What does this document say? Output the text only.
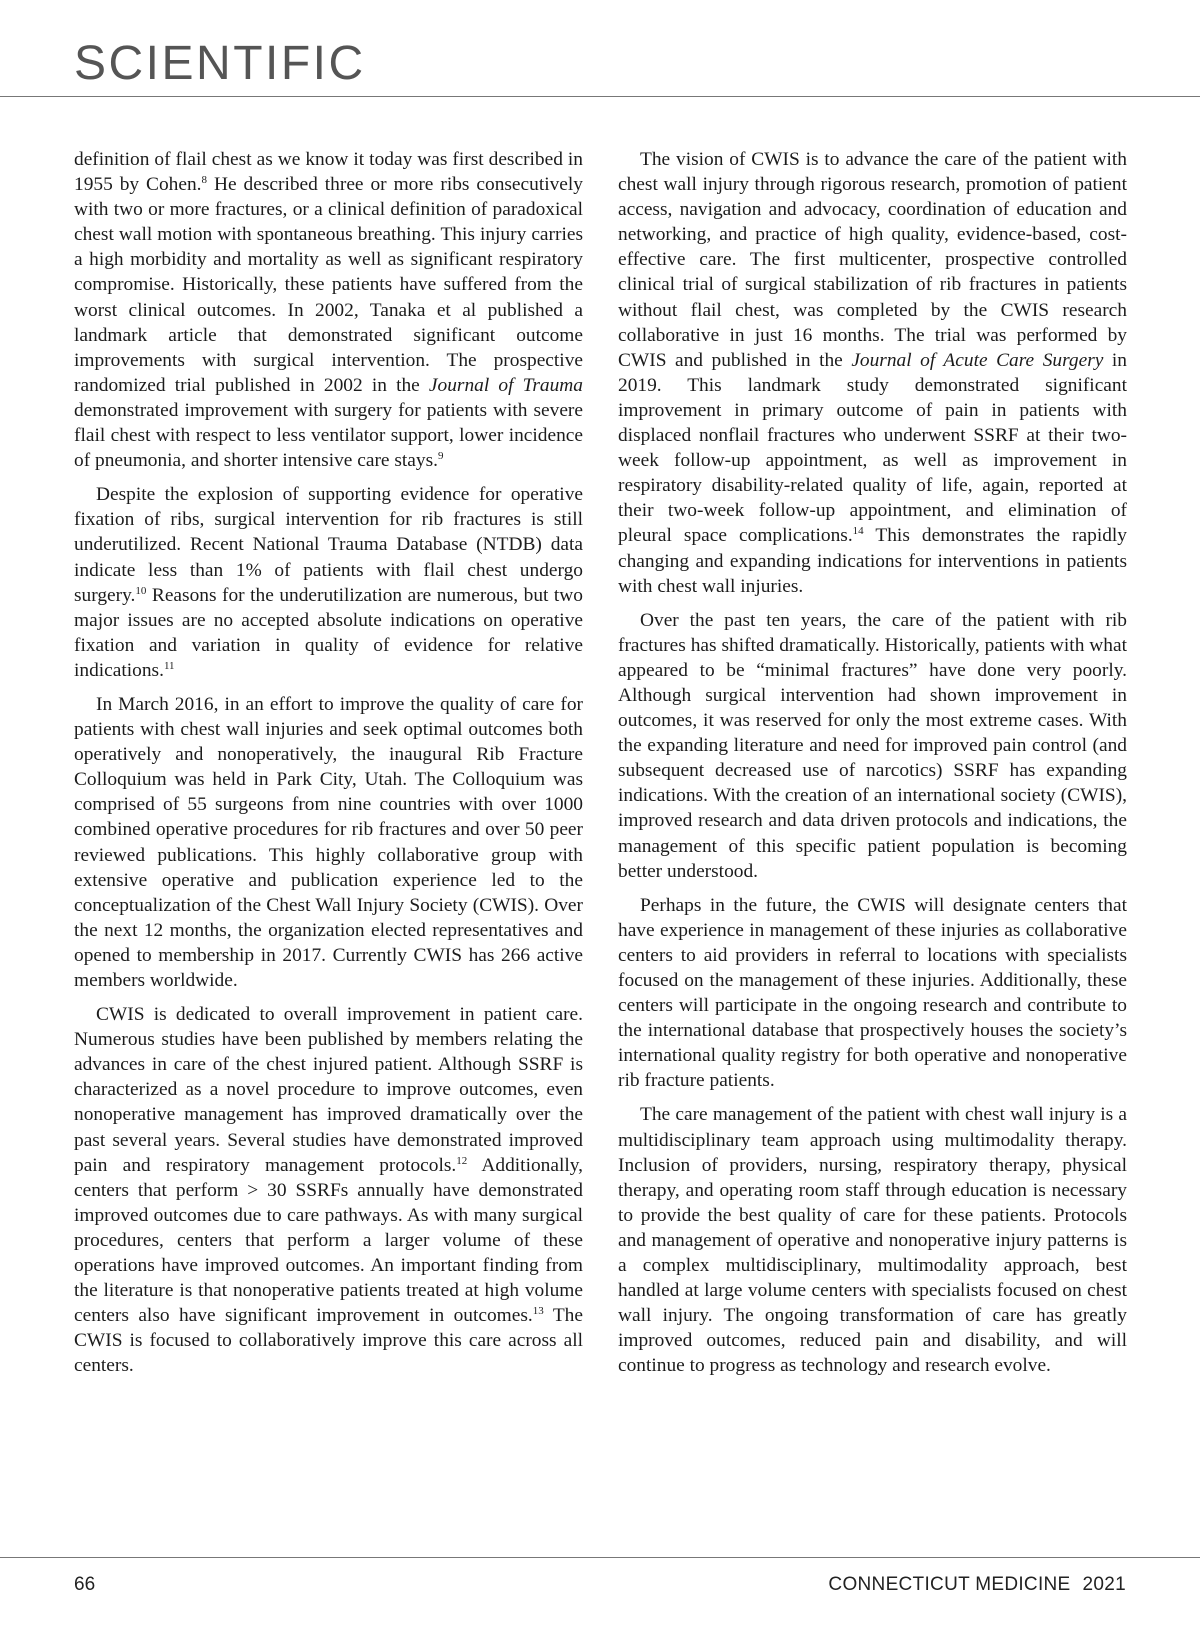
SCIENTIFIC

definition of flail chest as we know it today was first described in 1955 by Cohen.$^8$ He described three or more ribs consecutively with two or more fractures, or a clinical definition of paradoxical chest wall motion with spontaneous breathing. This injury carries a high morbidity and mortality as well as significant respiratory compromise. Historically, these patients have suffered from the worst clinical outcomes. In 2002, Tanaka et al published a landmark article that demonstrated significant outcome improvements with surgical intervention. The prospective randomized trial published in 2002 in the Journal of Trauma demonstrated improvement with surgery for patients with severe flail chest with respect to less ventilator support, lower incidence of pneumonia, and shorter intensive care stays.$^9$

Despite the explosion of supporting evidence for operative fixation of ribs, surgical intervention for rib fractures is still underutilized. Recent National Trauma Database (NTDB) data indicate less than 1% of patients with flail chest undergo surgery.$^{10}$ Reasons for the underutilization are numerous, but two major issues are no accepted absolute indications on operative fixation and variation in quality of evidence for relative indications.$^{11}$

In March 2016, in an effort to improve the quality of care for patients with chest wall injuries and seek optimal outcomes both operatively and nonoperatively, the inaugural Rib Fracture Colloquium was held in Park City, Utah. The Colloquium was comprised of 55 surgeons from nine countries with over 1000 combined operative procedures for rib fractures and over 50 peer reviewed publications. This highly collaborative group with extensive operative and publication experience led to the conceptualization of the Chest Wall Injury Society (CWIS). Over the next 12 months, the organization elected representatives and opened to membership in 2017. Currently CWIS has 266 active members worldwide.

CWIS is dedicated to overall improvement in patient care. Numerous studies have been published by members relating the advances in care of the chest injured patient. Although SSRF is characterized as a novel procedure to improve outcomes, even nonoperative management has improved dramatically over the past several years. Several studies have demonstrated improved pain and respiratory management protocols.$^{12}$ Additionally, centers that perform > 30 SSRFs annually have demonstrated improved outcomes due to care pathways. As with many surgical procedures, centers that perform a larger volume of these operations have improved outcomes. An important finding from the literature is that nonoperative patients treated at high volume centers also have significant improvement in outcomes.$^{13}$ The CWIS is focused to collaboratively improve this care across all centers.

The vision of CWIS is to advance the care of the patient with chest wall injury through rigorous research, promotion of patient access, navigation and advocacy, coordination of education and networking, and practice of high quality, evidence-based, cost-effective care. The first multicenter, prospective controlled clinical trial of surgical stabilization of rib fractures in patients without flail chest, was completed by the CWIS research collaborative in just 16 months. The trial was performed by CWIS and published in the Journal of Acute Care Surgery in 2019. This landmark study demonstrated significant improvement in primary outcome of pain in patients with displaced nonflail fractures who underwent SSRF at their two-week follow-up appointment, as well as improvement in respiratory disability-related quality of life, again, reported at their two-week follow-up appointment, and elimination of pleural space complications.$^{14}$ This demonstrates the rapidly changing and expanding indications for interventions in patients with chest wall injuries.

Over the past ten years, the care of the patient with rib fractures has shifted dramatically. Historically, patients with what appeared to be “minimal fractures” have done very poorly. Although surgical intervention had shown improvement in outcomes, it was reserved for only the most extreme cases. With the expanding literature and need for improved pain control (and subsequent decreased use of narcotics) SSRF has expanding indications. With the creation of an international society (CWIS), improved research and data driven protocols and indications, the management of this specific patient population is becoming better understood.

Perhaps in the future, the CWIS will designate centers that have experience in management of these injuries as collaborative centers to aid providers in referral to locations with specialists focused on the management of these injuries. Additionally, these centers will participate in the ongoing research and contribute to the international database that prospectively houses the society’s international quality registry for both operative and nonoperative rib fracture patients.

The care management of the patient with chest wall injury is a multidisciplinary team approach using multimodality therapy. Inclusion of providers, nursing, respiratory therapy, physical therapy, and operating room staff through education is necessary to provide the best quality of care for these patients. Protocols and management of operative and nonoperative injury patterns is a complex multidisciplinary, multimodality approach, best handled at large volume centers with specialists focused on chest wall injury. The ongoing transformation of care has greatly improved outcomes, reduced pain and disability, and will continue to progress as technology and research evolve.

66	CONNECTICUT MEDICINE 2021
